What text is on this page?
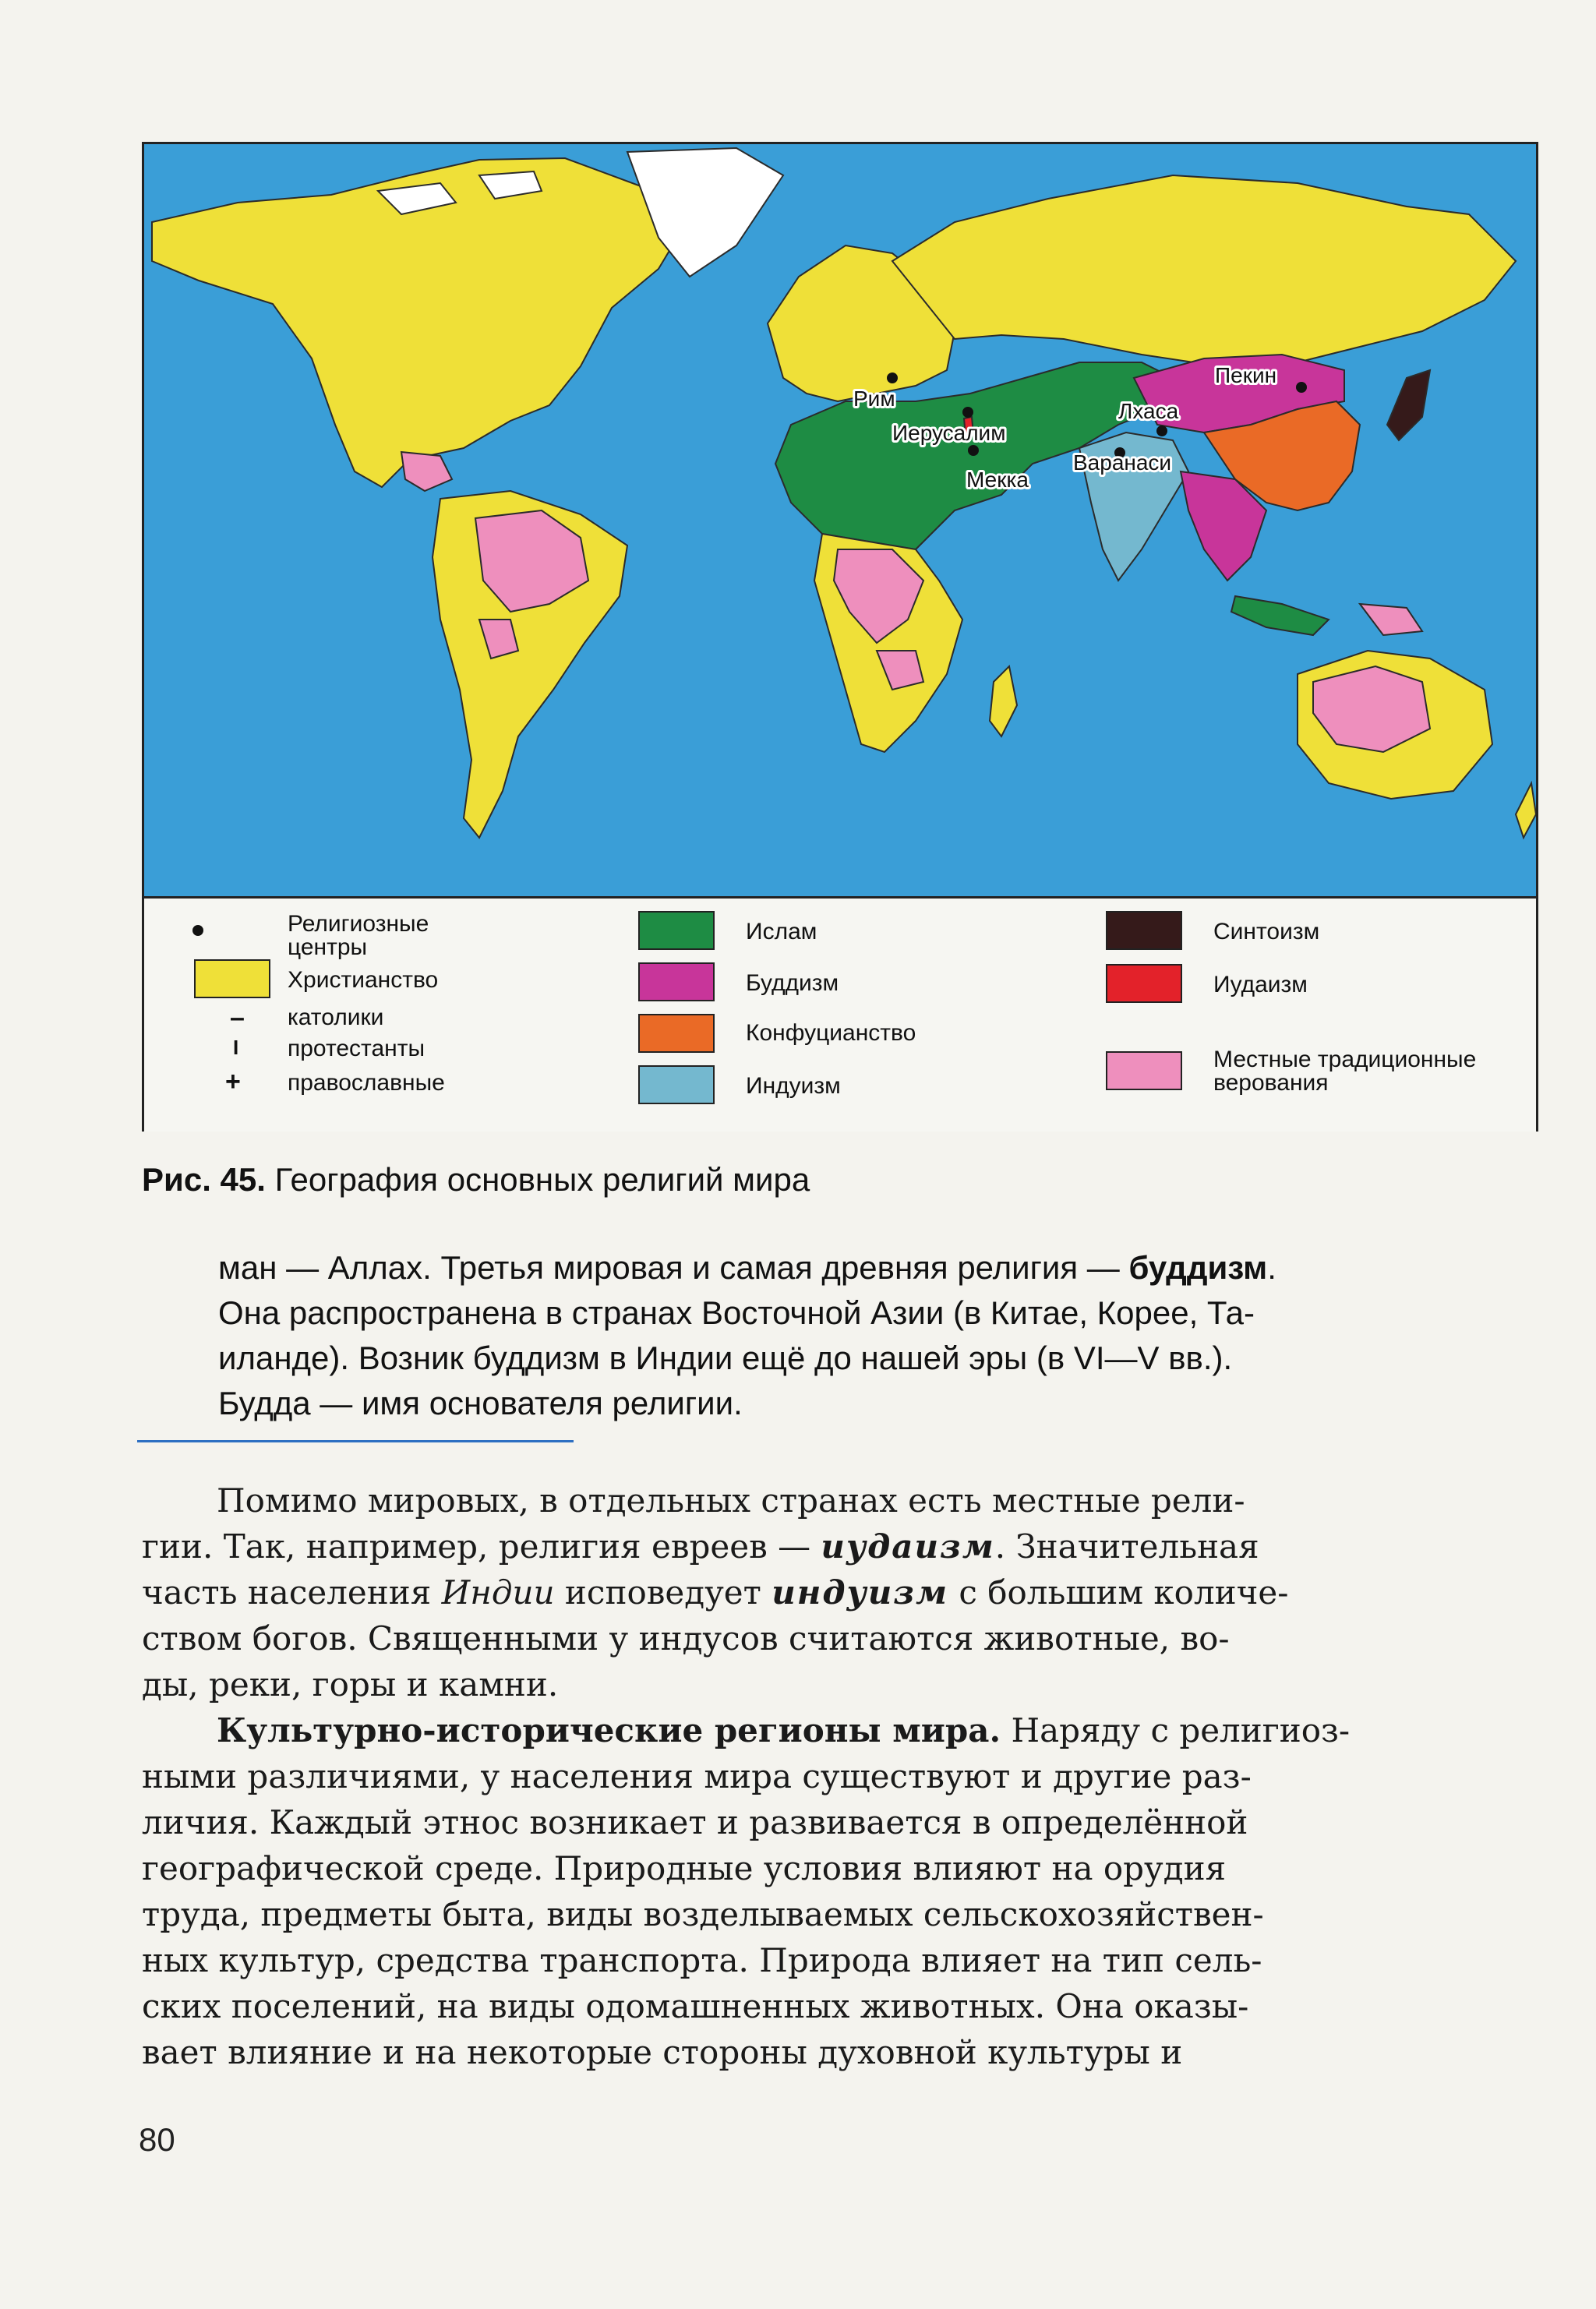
Рим
Иерусалим
Мекка
Лхаса
Пекин
Варанаси
Религиозные
центры
Христианство
– католики
I протестанты
+ православные
Ислам
Буддизм
Конфуцианство
Индуизм
Синтоизм
Иудаизм
Местные традиционные
верования
Рис. 45. География основных религий мира

ман — Аллах. Третья мировая и самая древняя религия — буддизм.

Она распространена в странах Восточной Азии (в Китае, Корее, Та-

иланде). Возник буддизм в Индии ещё до нашей эры (в VI—V вв.).

Будда — имя основателя религии.

Помимо мировых, в отдельных странах есть местные рели-

гии. Так, например, религия евреев — иудаизм. Значительная

часть населения Индии исповедует индуизм с большим количе-

ством богов. Священными у индусов считаются животные, во-

ды, реки, горы и камни.

Культурно-исторические регионы мира. Наряду с религиоз-

ными различиями, у населения мира существуют и другие раз-

личия. Каждый этнос возникает и развивается в определённой

географической среде. Природные условия влияют на орудия

труда, предметы быта, виды возделываемых сельскохозяйствен-

ных культур, средства транспорта. Природа влияет на тип сель-

ских поселений, на виды одомашненных животных. Она оказы-

вает влияние и на некоторые стороны духовной культуры и

80
